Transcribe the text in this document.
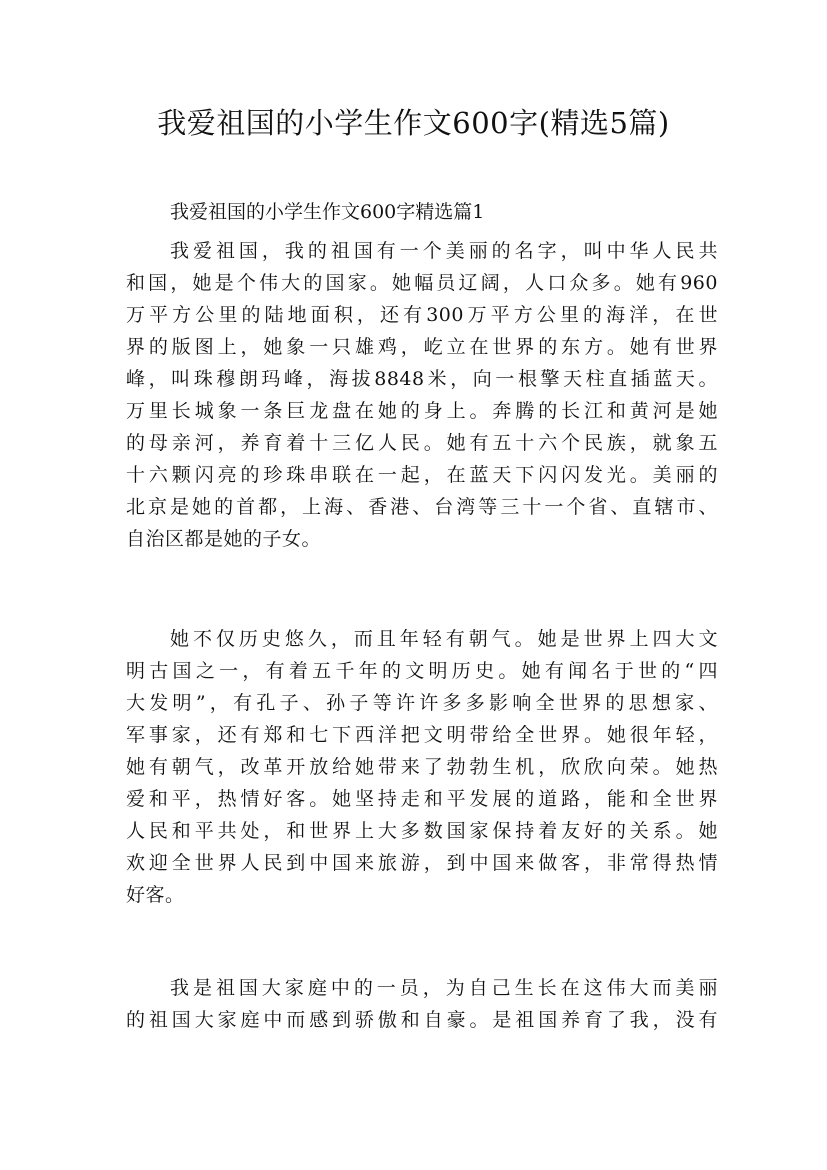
我爱祖国的小学生作文600字(精选5篇)
我爱祖国的小学生作文600字精选篇1
我爱祖国，我的祖国有一个美丽的名字，叫中华人民共
和国，她是个伟大的国家。她幅员辽阔，人口众多。她有960
万平方公里的陆地面积，还有300万平方公里的海洋，在世
界的版图上，她象一只雄鸡，屹立在世界的东方。她有世界
峰，叫珠穆朗玛峰，海拔8848米，向一根擎天柱直插蓝天。
万里长城象一条巨龙盘在她的身上。奔腾的长江和黄河是她
的母亲河，养育着十三亿人民。她有五十六个民族，就象五
十六颗闪亮的珍珠串联在一起，在蓝天下闪闪发光。美丽的
北京是她的首都，上海、香港、台湾等三十一个省、直辖市、
自治区都是她的子女。
她不仅历史悠久，而且年轻有朝气。她是世界上四大文
明古国之一，有着五千年的文明历史。她有闻名于世的“四
大发明”，有孔子、孙子等许许多多影响全世界的思想家、
军事家，还有郑和七下西洋把文明带给全世界。她很年轻，
她有朝气，改革开放给她带来了勃勃生机，欣欣向荣。她热
爱和平，热情好客。她坚持走和平发展的道路，能和全世界
人民和平共处，和世界上大多数国家保持着友好的关系。她
欢迎全世界人民到中国来旅游，到中国来做客，非常得热情
好客。
我是祖国大家庭中的一员，为自己生长在这伟大而美丽
的祖国大家庭中而感到骄傲和自豪。是祖国养育了我，没有
